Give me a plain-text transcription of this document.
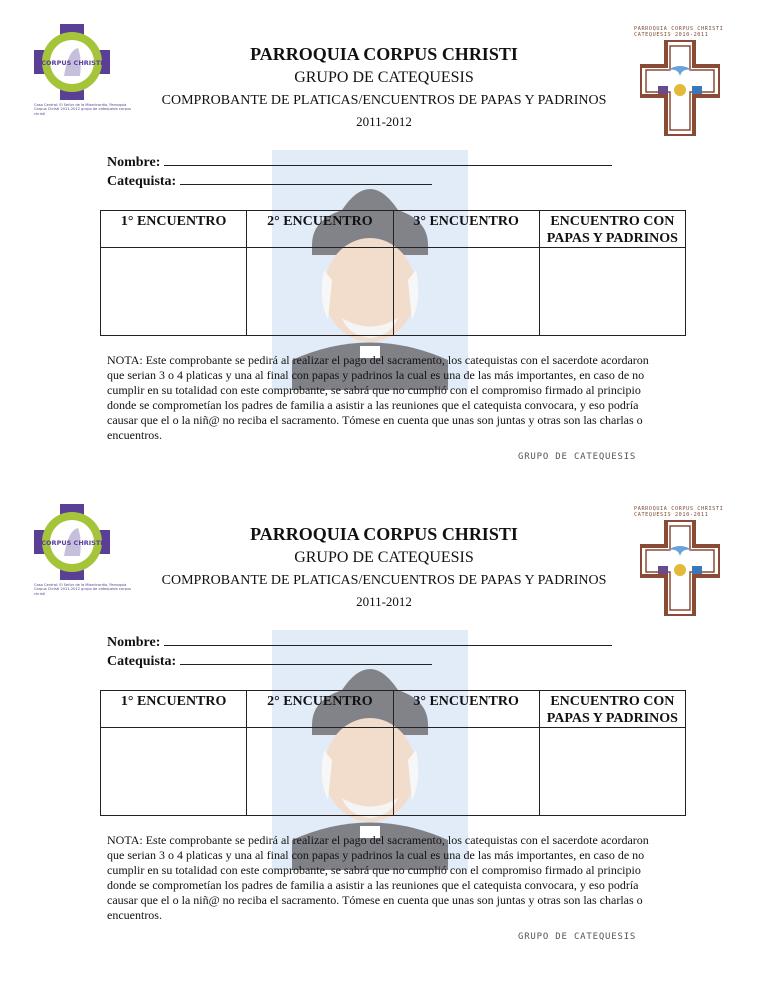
CORPUS CHRISTI
Casa Central: El Señor de la Misericordia, Parroquia Corpus Christi 2011-2012 grupo de catequesis corpus christi
PARROQUIA CORPUS CHRISTI CATEQUESIS 2010-2011
PARROQUIA CORPUS CHRISTI
GRUPO DE CATEQUESIS
COMPROBANTE DE PLATICAS/ENCUENTROS DE PAPAS Y PADRINOS
2011-2012
Nombre:
Catequista:
1° ENCUENTRO	2° ENCUENTRO	3° ENCUENTRO	ENCUENTRO CON PAPAS Y PADRINOS

NOTA: Este comprobante se pedirá al realizar el pago del sacramento, los catequistas con el sacerdote acordaron que serian 3 o 4 platicas y una al final con papas y padrinos la cual es una de las más importantes, en caso de no cumplir en su totalidad con este comprobante, se sabrá que no cumplió con el compromiso firmado al principio donde se comprometían los padres de familia a asistir a las reuniones que el catequista convocara, y eso podría causar que el o la niñ@ no reciba el sacramento. Tómese en cuenta que unas son juntas y otras son las charlas o encuentros.
GRUPO DE CATEQUESIS
CORPUS CHRISTI
Casa Central: El Señor de la Misericordia, Parroquia Corpus Christi 2011-2012 grupo de catequesis corpus christi
PARROQUIA CORPUS CHRISTI CATEQUESIS 2010-2011
PARROQUIA CORPUS CHRISTI
GRUPO DE CATEQUESIS
COMPROBANTE DE PLATICAS/ENCUENTROS DE PAPAS Y PADRINOS
2011-2012
Nombre:
Catequista:
1° ENCUENTRO	2° ENCUENTRO	3° ENCUENTRO	ENCUENTRO CON PAPAS Y PADRINOS

NOTA: Este comprobante se pedirá al realizar el pago del sacramento, los catequistas con el sacerdote acordaron que serian 3 o 4 platicas y una al final con papas y padrinos la cual es una de las más importantes, en caso de no cumplir en su totalidad con este comprobante, se sabrá que no cumplió con el compromiso firmado al principio donde se comprometían los padres de familia a asistir a las reuniones que el catequista convocara, y eso podría causar que el o la niñ@ no reciba el sacramento. Tómese en cuenta que unas son juntas y otras son las charlas o encuentros.
GRUPO DE CATEQUESIS
